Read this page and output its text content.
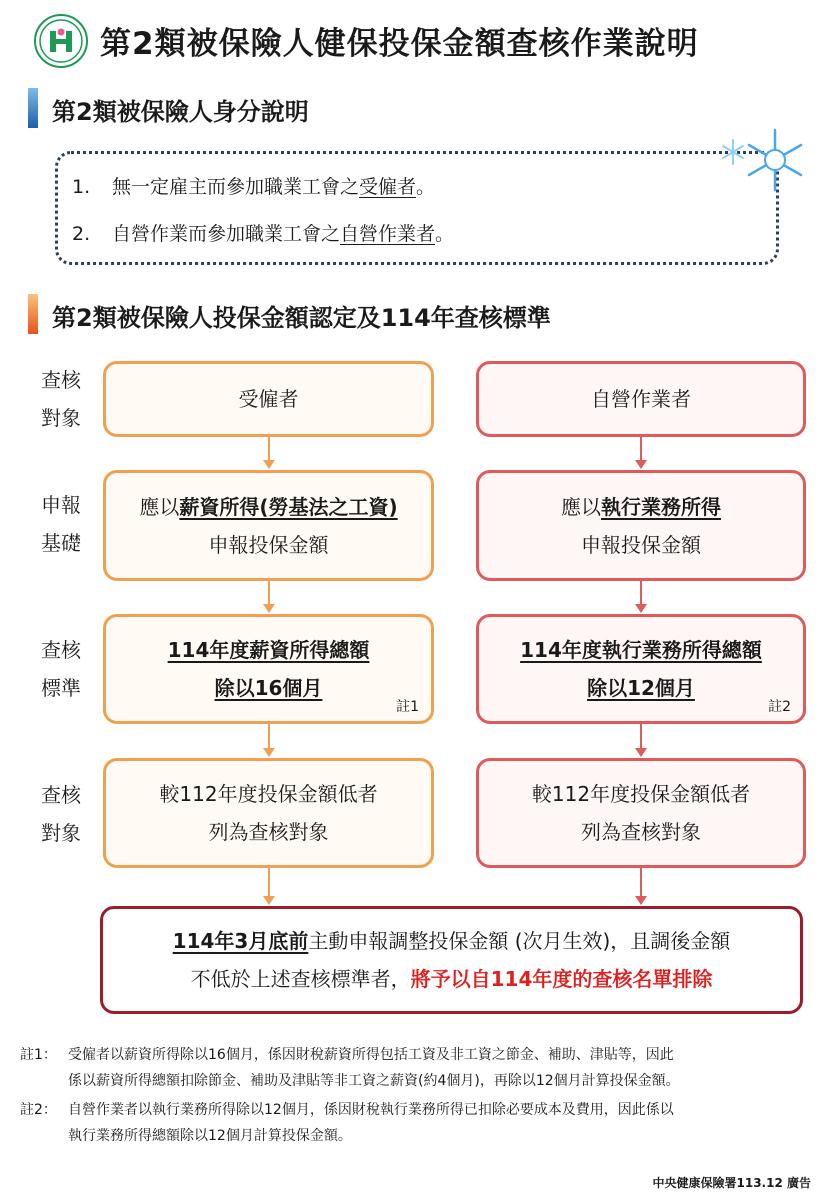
第2類被保險人健保投保金額查核作業說明
第2類被保險人身分說明
1. 無一定雇主而參加職業工會之受僱者。
2. 自營作業而參加職業工會之自營作業者。
第2類被保險人投保金額認定及114年查核標準
查核
對象
申報
基礎
查核
標準
查核
對象
受僱者
應以薪資所得(勞基法之工資)
申報投保金額
114年度薪資所得總額
除以16個月
註1
較112年度投保金額低者
列為查核對象
自營作業者
應以執行業務所得
申報投保金額
114年度執行業務所得總額
除以12個月
註2
較112年度投保金額低者
列為查核對象
114年3月底前主動申報調整投保金額 (次月生效)，且調後金額
不低於上述查核標準者，將予以自114年度的查核名單排除
註1： 受僱者以薪資所得除以16個月，係因財稅薪資所得包括工資及非工資之節金、補助、津貼等，因此
係以薪資所得總額扣除節金、補助及津貼等非工資之薪資(約4個月)，再除以12個月計算投保金額。
註2： 自營作業者以執行業務所得除以12個月，係因財稅執行業務所得已扣除必要成本及費用，因此係以
執行業務所得總額除以12個月計算投保金額。
中央健康保險署113.12 廣告
